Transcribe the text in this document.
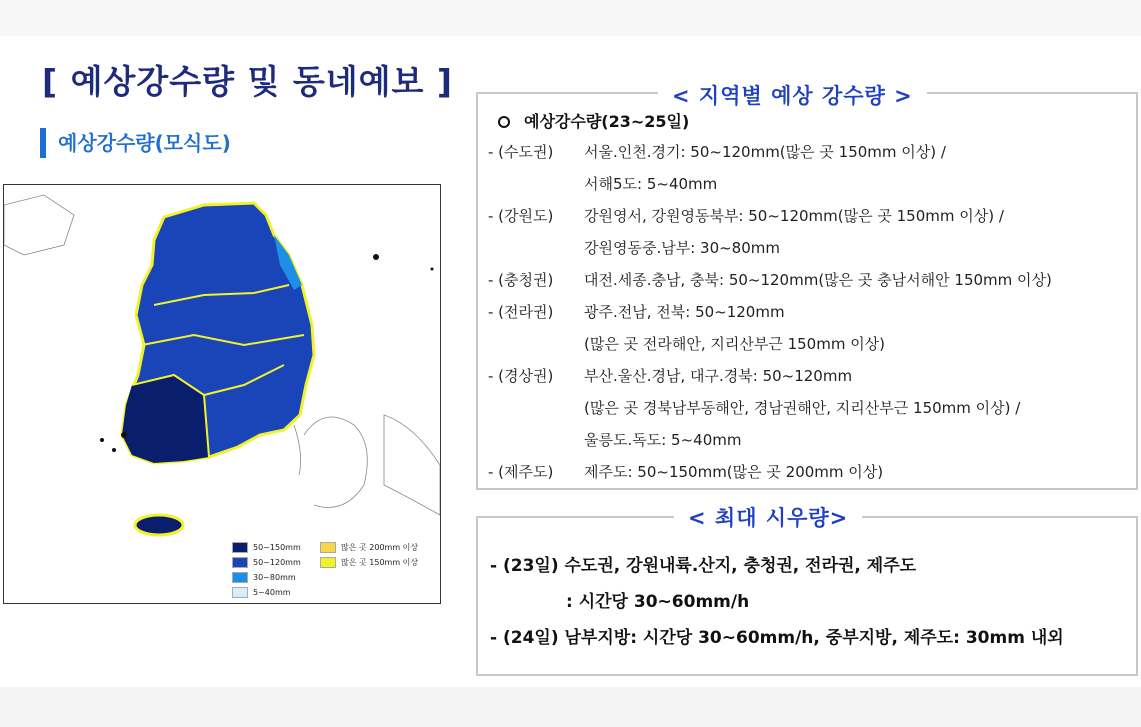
[ 예상강수량 및 동네예보 ]
예상강수량(모식도)
50~150mm
50~120mm
30~80mm
5~40mm
많은 곳 200mm 이상
많은 곳 150mm 이상
< 지역별 예상 강수량 >
예상강수량(23~25일)
- (수도권) 서울.인천.경기: 50~120mm(많은 곳 150mm 이상) /
서해5도: 5~40mm
- (강원도) 강원영서, 강원영동북부: 50~120mm(많은 곳 150mm 이상) /
강원영동중.남부: 30~80mm
- (충청권) 대전.세종.충남, 충북: 50~120mm(많은 곳 충남서해안 150mm 이상)
- (전라권) 광주.전남, 전북: 50~120mm
(많은 곳 전라해안, 지리산부근 150mm 이상)
- (경상권) 부산.울산.경남, 대구.경북: 50~120mm
(많은 곳 경북남부동해안, 경남권해안, 지리산부근 150mm 이상) /
울릉도.독도: 5~40mm
- (제주도) 제주도: 50~150mm(많은 곳 200mm 이상)
< 최대 시우량>
- (23일) 수도권, 강원내륙.산지, 충청권, 전라권, 제주도
: 시간당 30~60mm/h
- (24일) 남부지방: 시간당 30~60mm/h, 중부지방, 제주도: 30mm 내외
